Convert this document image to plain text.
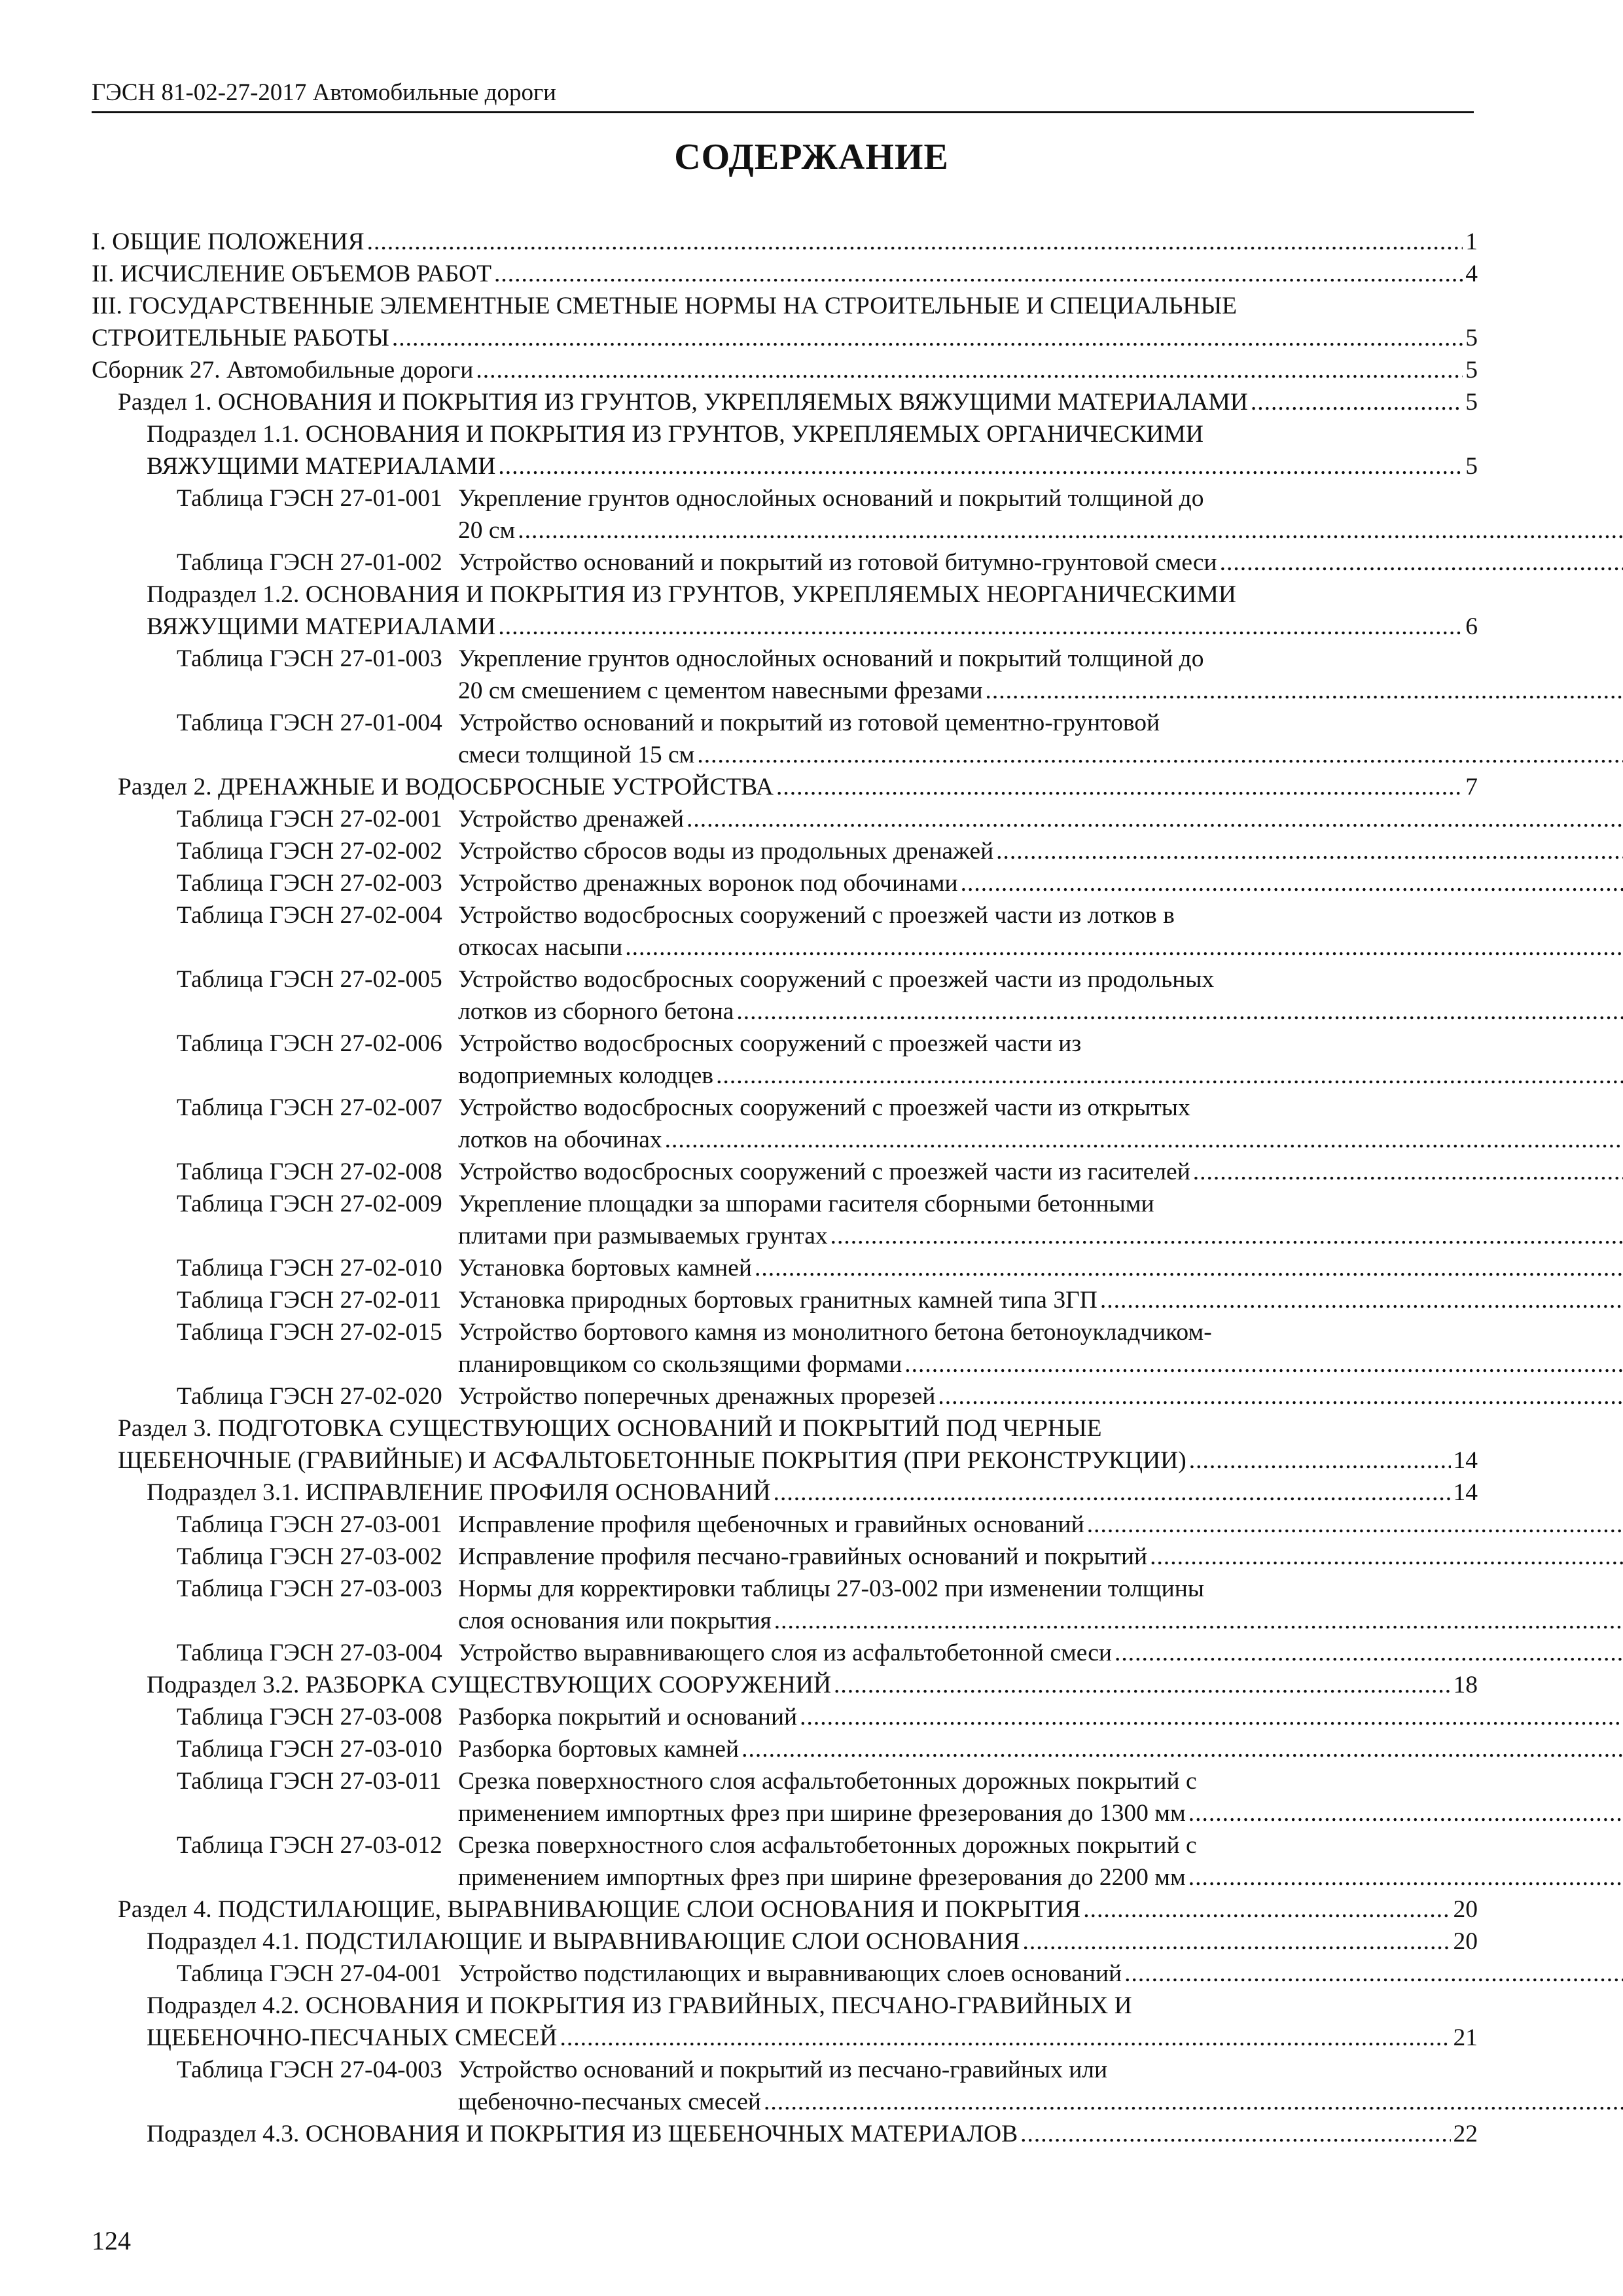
ГЭСН 81-02-27-2017 Автомобильные дороги
СОДЕРЖАНИЕ
I. ОБЩИЕ ПОЛОЖЕНИЯ .....	1
II. ИСЧИСЛЕНИЕ ОБЪЕМОВ РАБОТ .....	4
III. ГОСУДАРСТВЕННЫЕ ЭЛЕМЕНТНЫЕ СМЕТНЫЕ НОРМЫ НА СТРОИТЕЛЬНЫЕ И СПЕЦИАЛЬНЫЕ
СТРОИТЕЛЬНЫЕ РАБОТЫ .....	5
Сборник 27. Автомобильные дороги .....	5
Раздел 1. ОСНОВАНИЯ И ПОКРЫТИЯ ИЗ ГРУНТОВ, УКРЕПЛЯЕМЫХ ВЯЖУЩИМИ МАТЕРИАЛАМИ .....	5
Подраздел 1.1. ОСНОВАНИЯ И ПОКРЫТИЯ ИЗ ГРУНТОВ, УКРЕПЛЯЕМЫХ ОРГАНИЧЕСКИМИ
ВЯЖУЩИМИ МАТЕРИАЛАМИ .....	5
Таблица ГЭСН 27-01-001 Укрепление грунтов однослойных оснований и покрытий толщиной до
20 см
.....
Таблица ГЭСН 27-01-002 Устройство оснований и покрытий из готовой битумно-грунтовой смеси
.....
Подраздел 1.2. ОСНОВАНИЯ И ПОКРЫТИЯ ИЗ ГРУНТОВ, УКРЕПЛЯЕМЫХ НЕОРГАНИЧЕСКИМИ
ВЯЖУЩИМИ МАТЕРИАЛАМИ .....	6
Таблица ГЭСН 27-01-003 Укрепление грунтов однослойных оснований и покрытий толщиной до
20 см смешением с цементом навесными фрезами
.....
Таблица ГЭСН 27-01-004 Устройство оснований и покрытий из готовой цементно-грунтовой
смеси толщиной 15 см
.....
Раздел 2. ДРЕНАЖНЫЕ И ВОДОСБРОСНЫЕ УСТРОЙСТВА .....	7
Таблица ГЭСН 27-02-001 Устройство дренажей
.....
Таблица ГЭСН 27-02-002 Устройство сбросов воды из продольных дренажей
.....
Таблица ГЭСН 27-02-003 Устройство дренажных воронок под обочинами
.....
Таблица ГЭСН 27-02-004 Устройство водосбросных сооружений с проезжей части из лотков в
откосах насыпи
.....
Таблица ГЭСН 27-02-005 Устройство водосбросных сооружений с проезжей части из продольных
лотков из сборного бетона
.....
Таблица ГЭСН 27-02-006 Устройство водосбросных сооружений с проезжей части из
водоприемных колодцев
.....
Таблица ГЭСН 27-02-007 Устройство водосбросных сооружений с проезжей части из открытых
лотков на обочинах
.....
Таблица ГЭСН 27-02-008 Устройство водосбросных сооружений с проезжей части из гасителей
.....
Таблица ГЭСН 27-02-009 Укрепление площадки за шпорами гасителя сборными бетонными
плитами при размываемых грунтах
.....
Таблица ГЭСН 27-02-010 Установка бортовых камней
.....
Таблица ГЭСН 27-02-011 Установка природных бортовых гранитных камней типа 3ГП
.....
Таблица ГЭСН 27-02-015 Устройство бортового камня из монолитного бетона бетоноукладчиком-
планировщиком со скользящими формами
.....
Таблица ГЭСН 27-02-020 Устройство поперечных дренажных прорезей
.....
Раздел 3. ПОДГОТОВКА СУЩЕСТВУЮЩИХ ОСНОВАНИЙ И ПОКРЫТИЙ ПОД ЧЕРНЫЕ
ЩЕБЕНОЧНЫЕ (ГРАВИЙНЫЕ) И АСФАЛЬТОБЕТОННЫЕ ПОКРЫТИЯ (ПРИ РЕКОНСТРУКЦИИ) .....	14
Подраздел 3.1. ИСПРАВЛЕНИЕ ПРОФИЛЯ ОСНОВАНИЙ .....	14
Таблица ГЭСН 27-03-001 Исправление профиля щебеночных и гравийных оснований
.....
Таблица ГЭСН 27-03-002 Исправление профиля песчано-гравийных оснований и покрытий
.....
Таблица ГЭСН 27-03-003 Нормы для корректировки таблицы 27-03-002 при изменении толщины
слоя основания или покрытия
.....
Таблица ГЭСН 27-03-004 Устройство выравнивающего слоя из асфальтобетонной смеси
.....
Подраздел 3.2. РАЗБОРКА СУЩЕСТВУЮЩИХ СООРУЖЕНИЙ .....	18
Таблица ГЭСН 27-03-008 Разборка покрытий и оснований
.....
Таблица ГЭСН 27-03-010 Разборка бортовых камней
.....
Таблица ГЭСН 27-03-011 Срезка поверхностного слоя асфальтобетонных дорожных покрытий с
применением импортных фрез при ширине фрезерования до 1300 мм
.....
Таблица ГЭСН 27-03-012 Срезка поверхностного слоя асфальтобетонных дорожных покрытий с
применением импортных фрез при ширине фрезерования до 2200 мм
.....
Раздел 4. ПОДСТИЛАЮЩИЕ, ВЫРАВНИВАЮЩИЕ СЛОИ ОСНОВАНИЯ И ПОКРЫТИЯ .....	20
Подраздел 4.1. ПОДСТИЛАЮЩИЕ И ВЫРАВНИВАЮЩИЕ СЛОИ ОСНОВАНИЯ .....	20
Таблица ГЭСН 27-04-001 Устройство подстилающих и выравнивающих слоев оснований
.....
Подраздел 4.2. ОСНОВАНИЯ И ПОКРЫТИЯ ИЗ ГРАВИЙНЫХ, ПЕСЧАНО-ГРАВИЙНЫХ И
ЩЕБЕНОЧНО-ПЕСЧАНЫХ СМЕСЕЙ .....	21
Таблица ГЭСН 27-04-003 Устройство оснований и покрытий из песчано-гравийных или
щебеночно-песчаных смесей
.....
Подраздел 4.3. ОСНОВАНИЯ И ПОКРЫТИЯ ИЗ ЩЕБЕНОЧНЫХ МАТЕРИАЛОВ .....	22
124
